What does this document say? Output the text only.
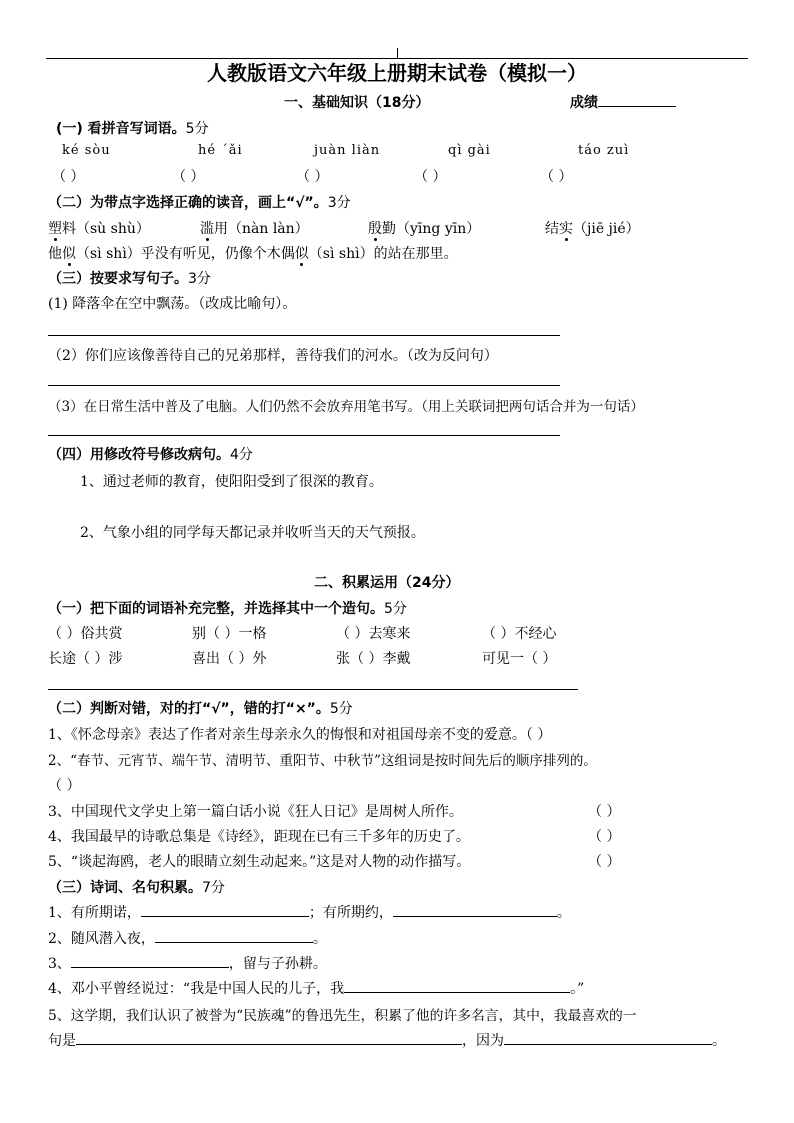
人教版语文六年级上册期末试卷（模拟一）
一、基础知识（18分）	成绩
(一) 看拼音写词语。5分
ké sòu	hé ˊǎi	juàn liàn	qì gài	táo zuì
（ ）	（ ）	（ ）	（ ）	（ ）
（二）为带点字选择正确的读音，画上“√”。3分
塑料（sù shù）	滥用（nàn làn）	殷勤（yīng yīn）	结实（jiē jié）
他似（sì shì）乎没有听见，仍像个木偶似（sì shì）的站在那里。
（三）按要求写句子。3分
(1) 降落伞在空中飘荡。（改成比喻句）。
（2）你们应该像善待自己的兄弟那样，善待我们的河水。（改为反问句）
（3）在日常生活中普及了电脑。人们仍然不会放弃用笔书写。（用上关联词把两句话合并为一句话）
（四）用修改符号修改病句。4分
1、通过老师的教育，使阳阳受到了很深的教育。
2、气象小组的同学每天都记录并收听当天的天气预报。
二、积累运用（24分）
（一）把下面的词语补充完整，并选择其中一个造句。5分
（ ）俗共赏	别（ ）一格	（ ）去寒来	（ ）不经心
长途（ ）涉	喜出（ ）外	张（ ）李戴	可见一（ ）
（二）判断对错，对的打“√”，错的打“×”。5分
1、《怀念母亲》表达了作者对亲生母亲永久的悔恨和对祖国母亲不变的爱意。（ ）
2、“春节、元宵节、端午节、清明节、重阳节、中秋节”这组词是按时间先后的顺序排列的。
（ ）
3、中国现代文学史上第一篇白话小说《狂人日记》是周树人所作。	（ ）
4、我国最早的诗歌总集是《诗经》，距现在已有三千多年的历史了。	（ ）
5、“谈起海鸥，老人的眼睛立刻生动起来。”这是对人物的动作描写。	（ ）
（三）诗词、名句积累。7分
1、有所期诺，	；有所期约，	。
2、随风潜入夜，	。
3、	，留与子孙耕。
4、邓小平曾经说过：“我是中国人民的儿子，我	。”
5、这学期，我们认识了被誉为“民族魂”的鲁迅先生，积累了他的许多名言，其中，我最喜欢的一
句是	，因为	。
